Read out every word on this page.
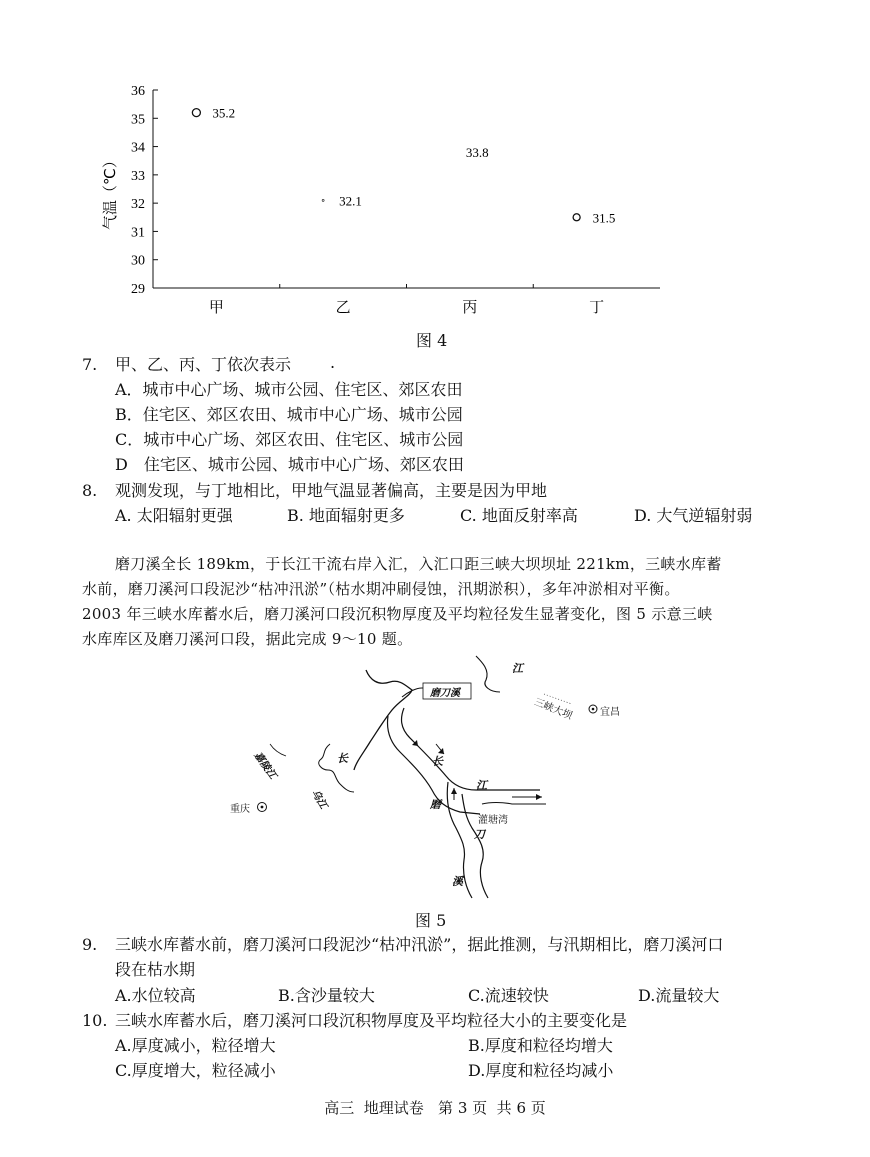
29
30
31
32
33
34
35
36
甲	乙	丙	丁
35.2
32.1
33.8
31.5
气温（℃）
图 4
7. 甲、乙、丙、丁依次表示 .
A．城市中心广场、城市公园、住宅区、郊区农田
B．住宅区、郊区农田、城市中心广场、城市公园
C．城市中心广场、郊区农田、住宅区、城市公园
D　住宅区、城市公园、城市中心广场、郊区农田
8. 观测发现，与丁地相比，甲地气温显著偏高，主要是因为甲地
A. 太阳辐射更强	B. 地面辐射更多	C. 地面反射率高	D. 大气逆辐射弱
磨刀溪全长 189km，于长江干流右岸入汇，入汇口距三峡大坝坝址 221km，三峡水库蓄
水前，磨刀溪河口段泥沙“枯冲汛淤”（枯水期冲刷侵蚀，汛期淤积），多年冲淤相对平衡。
2003 年三峡水库蓄水后，磨刀溪河口段沉积物厚度及平均粒径发生显著变化，图 5 示意三峡
水库库区及磨刀溪河口段，据此完成 9～10 题。
江
磨刀溪
三峡大坝	宜昌
嘉陵江	长
乌江
重庆
长
江
磨
灌塘湾
刀
溪
图 5
9. 三峡水库蓄水前，磨刀溪河口段泥沙“枯冲汛淤”，据此推测，与汛期相比，磨刀溪河口
段在枯水期
A.水位较高	B.含沙量较大	C.流速较快	D.流量较大
10. 三峡水库蓄水后，磨刀溪河口段沉积物厚度及平均粒径大小的主要变化是
A.厚度减小，粒径增大	B.厚度和粒径均增大
C.厚度增大，粒径减小	D.厚度和粒径均减小
高三  地理试卷   第 3 页  共 6 页
